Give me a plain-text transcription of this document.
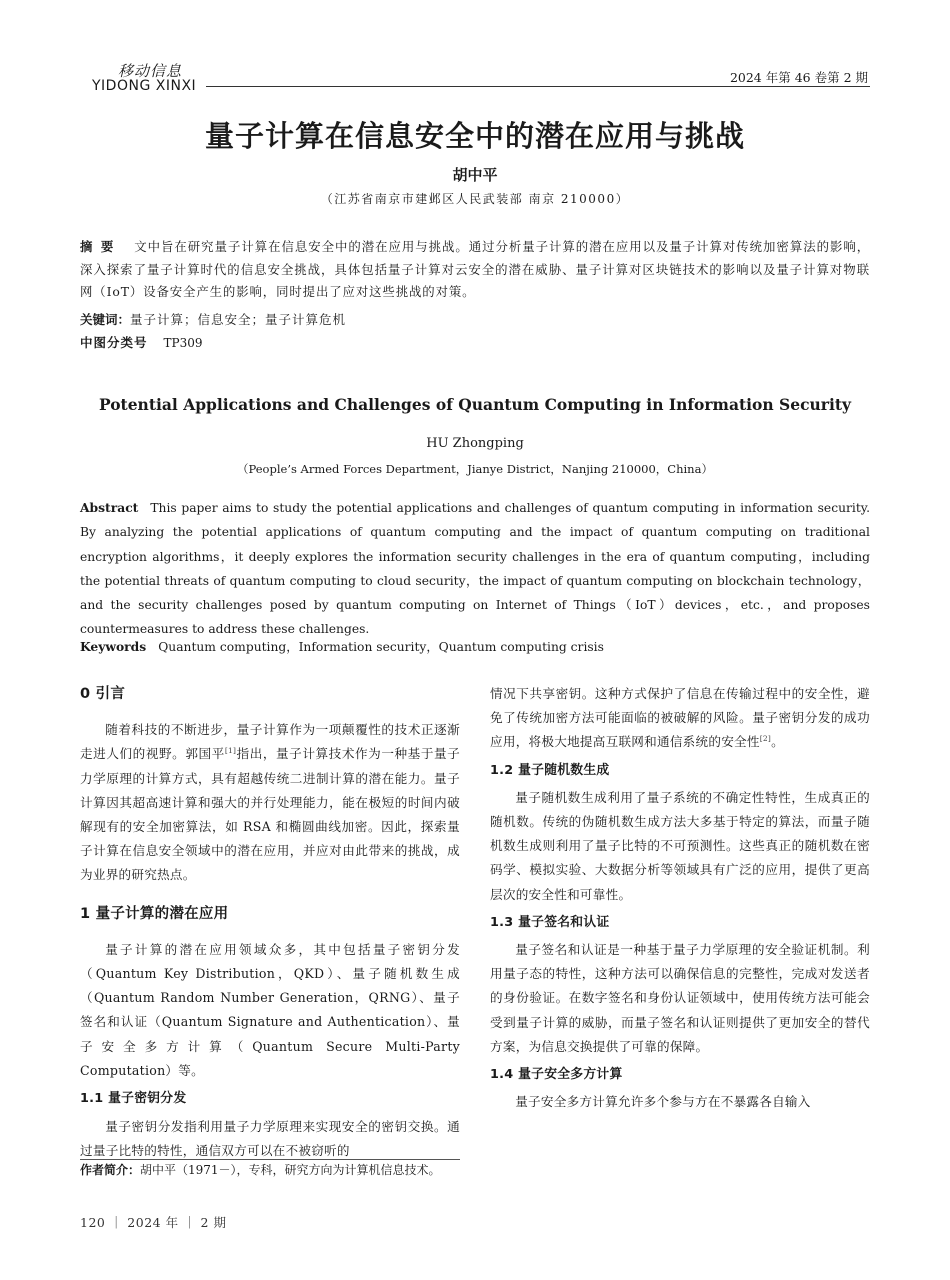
移动信息
YIDONG XINXI
2024 年第 46 卷第 2 期
量子计算在信息安全中的潜在应用与挑战
胡中平
（江苏省南京市建邺区人民武装部 南京 210000）
摘 要 文中旨在研究量子计算在信息安全中的潜在应用与挑战。通过分析量子计算的潜在应用以及量子计算对传统加密算法的影响，深入探索了量子计算时代的信息安全挑战，具体包括量子计算对云安全的潜在威胁、量子计算对区块链技术的影响以及量子计算对物联网（IoT）设备安全产生的影响，同时提出了应对这些挑战的对策。
关键词：量子计算；信息安全；量子计算危机
中图分类号 TP309
Potential Applications and Challenges of Quantum Computing in Information Security
HU Zhongping
（People’s Armed Forces Department，Jianye District，Nanjing 210000，China）
Abstract This paper aims to study the potential applications and challenges of quantum computing in information security. By analyzing the potential applications of quantum computing and the impact of quantum computing on traditional encryption algorithms，it deeply explores the information security challenges in the era of quantum computing，including the potential threats of quantum computing to cloud security，the impact of quantum computing on blockchain technology，and the security challenges posed by quantum computing on Internet of Things（IoT）devices，etc.，and proposes countermeasures to address these challenges.
Keywords Quantum computing，Information security，Quantum computing crisis
0 引言

随着科技的不断进步，量子计算作为一项颠覆性的技术正逐渐走进人们的视野。郭国平[1]指出，量子计算技术作为一种基于量子力学原理的计算方式，具有超越传统二进制计算的潜在能力。量子计算因其超高速计算和强大的并行处理能力，能在极短的时间内破解现有的安全加密算法，如 RSA 和椭圆曲线加密。因此，探索量子计算在信息安全领域中的潜在应用，并应对由此带来的挑战，成为业界的研究热点。

1 量子计算的潜在应用

量子计算的潜在应用领域众多，其中包括量子密钥分发（Quantum Key Distribution，QKD）、量子随机数生成（Quantum Random Number Generation，QRNG）、量子签名和认证（Quantum Signature and Authentication）、量子安全多方计算（Quantum Secure Multi-Party Computation）等。

1.1 量子密钥分发

量子密钥分发指利用量子力学原理来实现安全的密钥交换。通过量子比特的特性，通信双方可以在不被窃听的

作者简介：胡中平（1971－），专科，研究方向为计算机信息技术。

情况下共享密钥。这种方式保护了信息在传输过程中的安全性，避免了传统加密方法可能面临的被破解的风险。量子密钥分发的成功应用，将极大地提高互联网和通信系统的安全性[2]。

1.2 量子随机数生成

量子随机数生成利用了量子系统的不确定性特性，生成真正的随机数。传统的伪随机数生成方法大多基于特定的算法，而量子随机数生成则利用了量子比特的不可预测性。这些真正的随机数在密码学、模拟实验、大数据分析等领域具有广泛的应用，提供了更高层次的安全性和可靠性。

1.3 量子签名和认证

量子签名和认证是一种基于量子力学原理的安全验证机制。利用量子态的特性，这种方法可以确保信息的完整性，完成对发送者的身份验证。在数字签名和身份认证领域中，使用传统方法可能会受到量子计算的威胁，而量子签名和认证则提供了更加安全的替代方案，为信息交换提供了可靠的保障。

1.4 量子安全多方计算

量子安全多方计算允许多个参与方在不暴露各自输入

120 ｜ 2024 年 ｜ 2 期
